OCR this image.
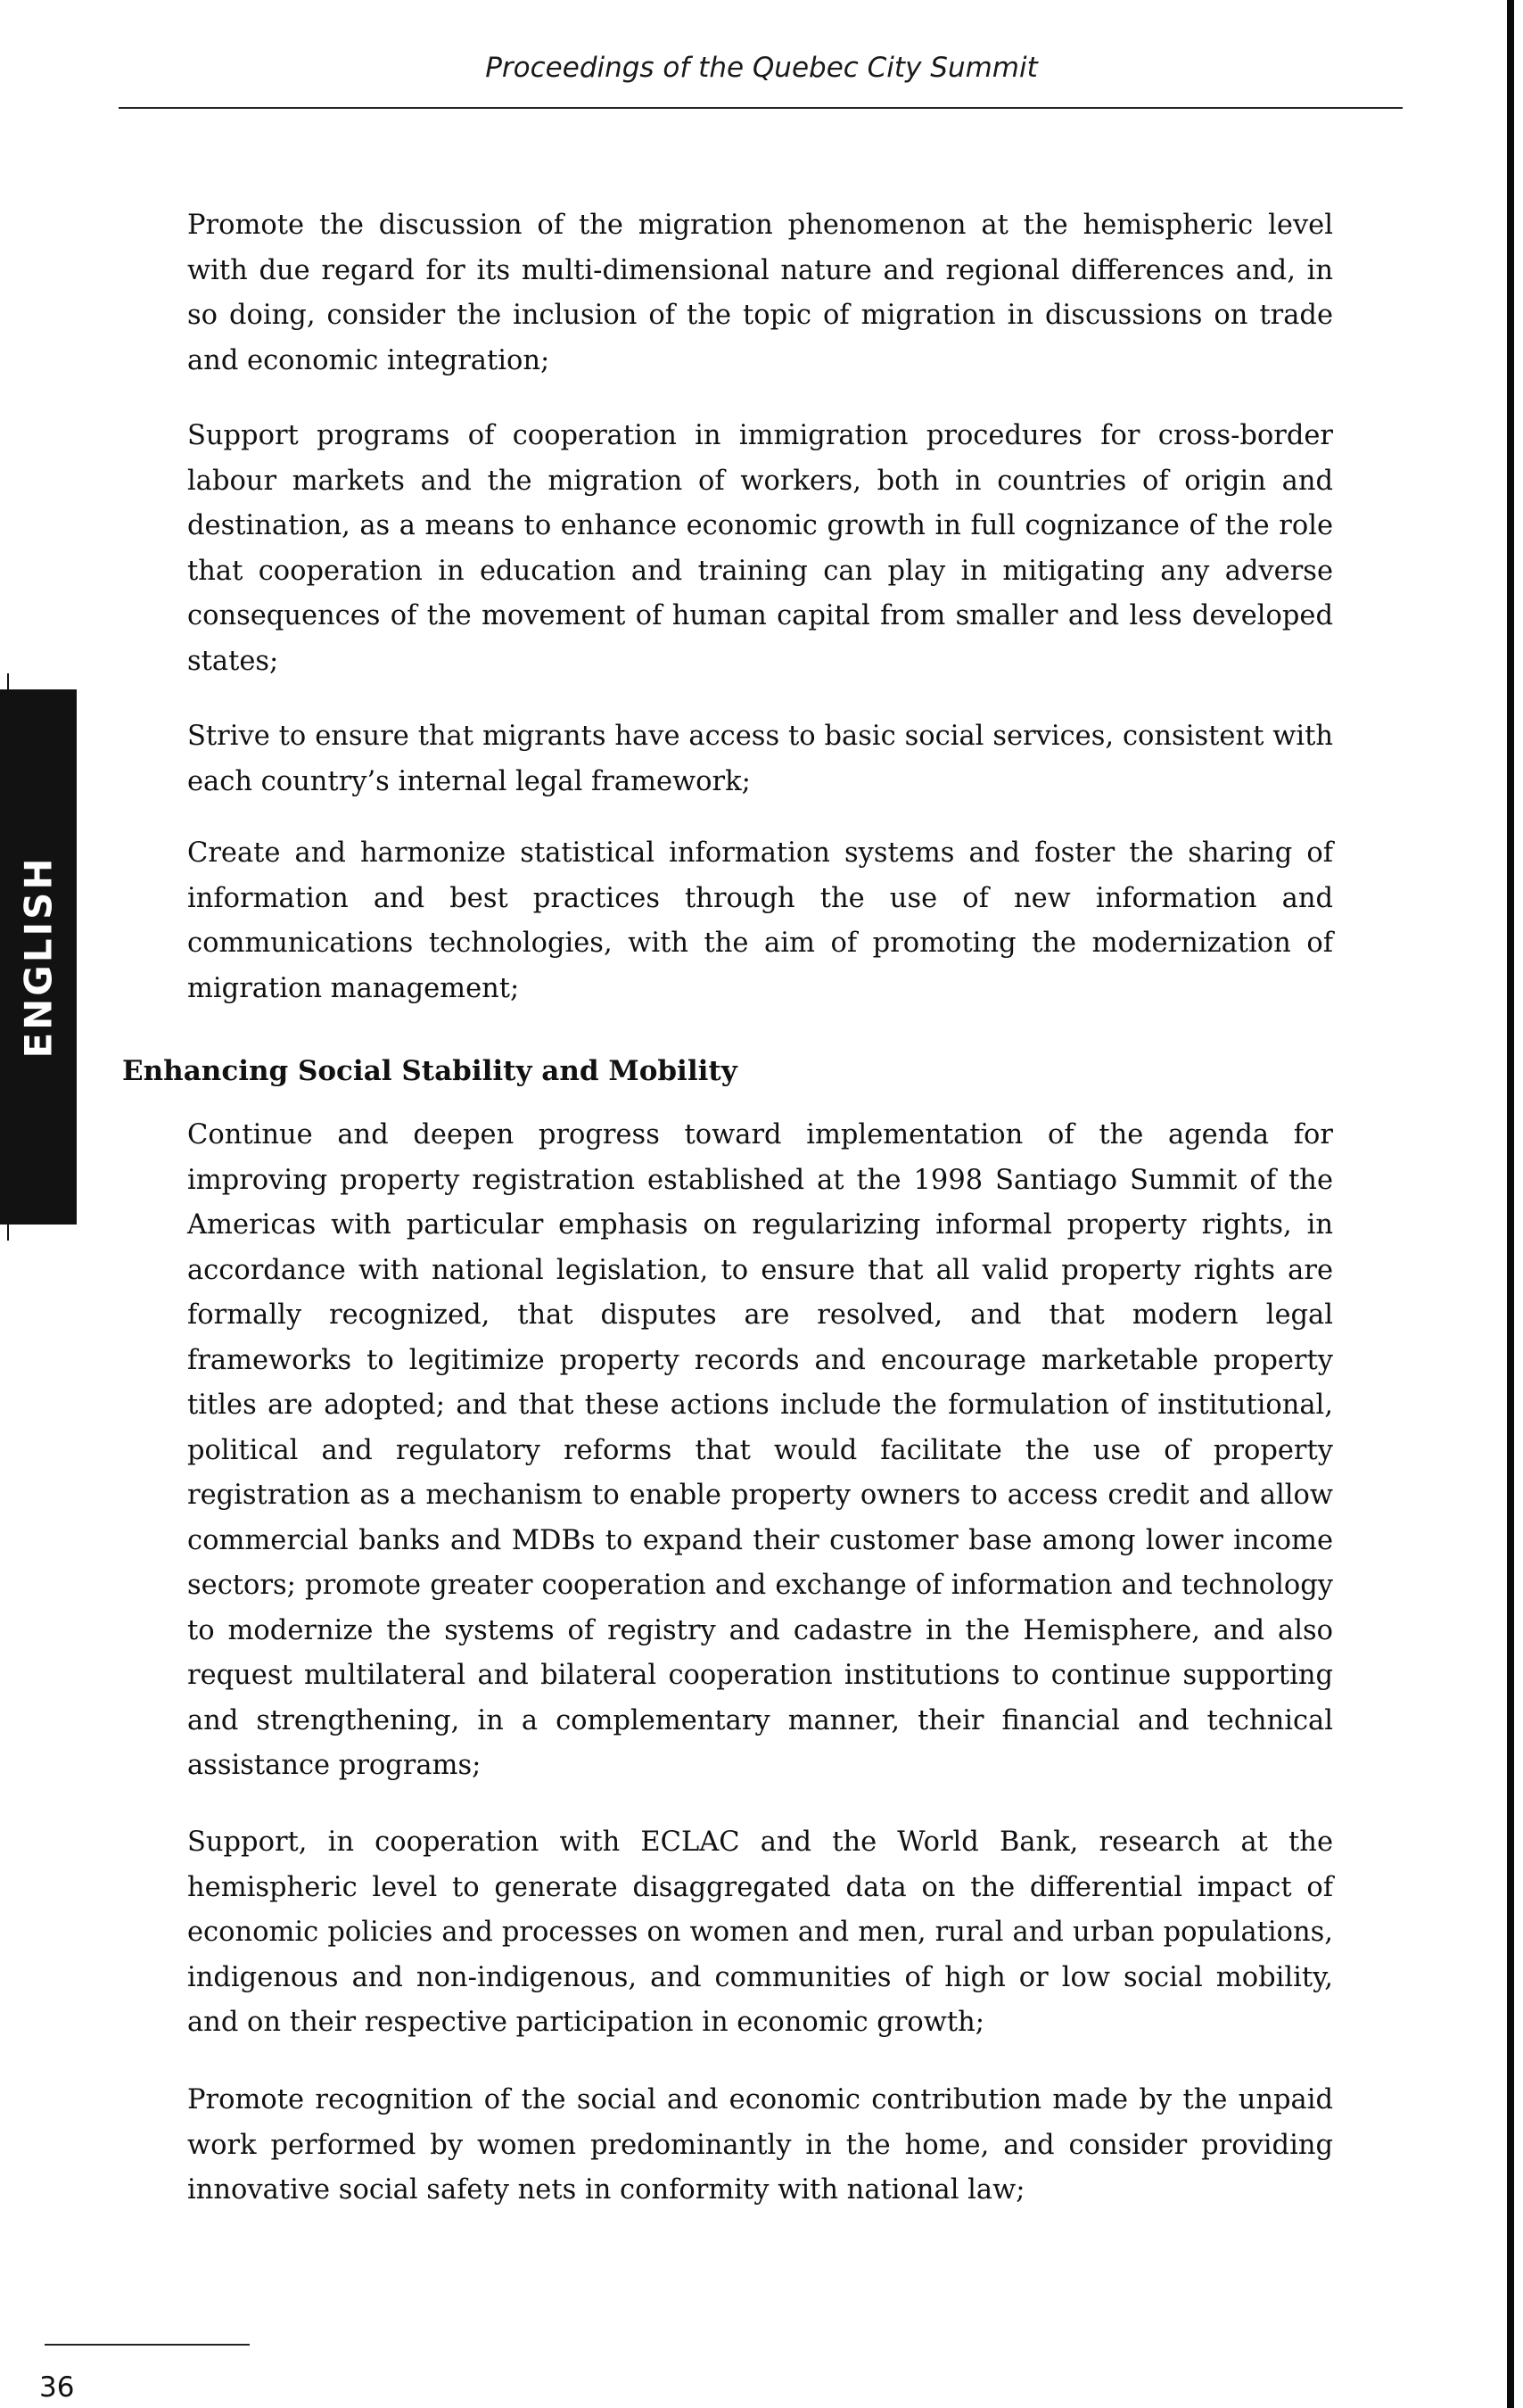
Proceedings of the Quebec City Summit
ENGLISH

Promote the discussion of the migration phenomenon at the hemispheric level with due regard for its multi-dimensional nature and regional differences and, in so doing, consider the inclusion of the topic of migration in discussions on trade and economic integration;

Support programs of cooperation in immigration procedures for cross-border labour markets and the migration of workers, both in countries of origin and destination, as a means to enhance economic growth in full cognizance of the role that cooperation in education and training can play in mitigating any adverse consequences of the movement of human capital from smaller and less developed states;

Strive to ensure that migrants have access to basic social services, consistent with each country’s internal legal framework;

Create and harmonize statistical information systems and foster the sharing of information and best practices through the use of new information and communications technologies, with the aim of promoting the modernization of migration management;

Enhancing Social Stability and Mobility

Continue and deepen progress toward implementation of the agenda for improving property registration established at the 1998 Santiago Summit of the Americas with particular emphasis on regularizing informal property rights, in accordance with national legislation, to ensure that all valid property rights are formally recognized, that disputes are resolved, and that modern legal frameworks to legitimize property records and encourage marketable property titles are adopted; and that these actions include the formulation of institutional, political and regulatory reforms that would facilitate the use of property registration as a mechanism to enable property owners to access credit and allow commercial banks and MDBs to expand their customer base among lower income sectors; promote greater cooperation and exchange of information and technology to modernize the systems of registry and cadastre in the Hemisphere, and also request multilateral and bilateral cooperation institutions to continue supporting and strengthening, in a complementary manner, their financial and technical assistance programs;

Support, in cooperation with ECLAC and the World Bank, research at the hemispheric level to generate disaggregated data on the differential impact of economic policies and processes on women and men, rural and urban populations, indigenous and non-indigenous, and communities of high or low social mobility, and on their respective participation in economic growth;

Promote recognition of the social and economic contribution made by the unpaid work performed by women predominantly in the home, and consider providing innovative social safety nets in conformity with national law;

36
